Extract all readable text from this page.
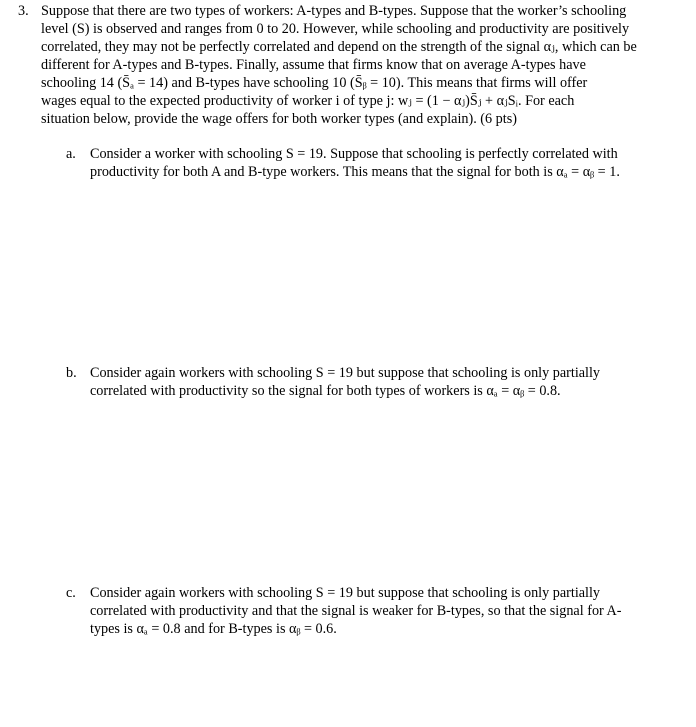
3. Suppose that there are two types of workers: A-types and B-types. Suppose that the worker’s schooling
level (S) is observed and ranges from 0 to 20. However, while schooling and productivity are positively
correlated, they may not be perfectly correlated and depend on the strength of the signal αⱼ, which can be
different for A-types and B-types. Finally, assume that firms know that on average A-types have
schooling 14 (S̄ₐ = 14) and B-types have schooling 10 (S̄ᵦ = 10). This means that firms will offer
wages equal to the expected productivity of worker i of type j: wⱼ = (1 − αⱼ)S̄ⱼ + αⱼSᵢ. For each
situation below, provide the wage offers for both worker types (and explain). (6 pts)
a. Consider a worker with schooling S = 19. Suppose that schooling is perfectly correlated with
productivity for both A and B-type workers. This means that the signal for both is αₐ = αᵦ = 1.
b. Consider again workers with schooling S = 19 but suppose that schooling is only partially
correlated with productivity so the signal for both types of workers is αₐ = αᵦ = 0.8.
c. Consider again workers with schooling S = 19 but suppose that schooling is only partially
correlated with productivity and that the signal is weaker for B-types, so that the signal for A-
types is αₐ = 0.8 and for B-types is αᵦ = 0.6.
